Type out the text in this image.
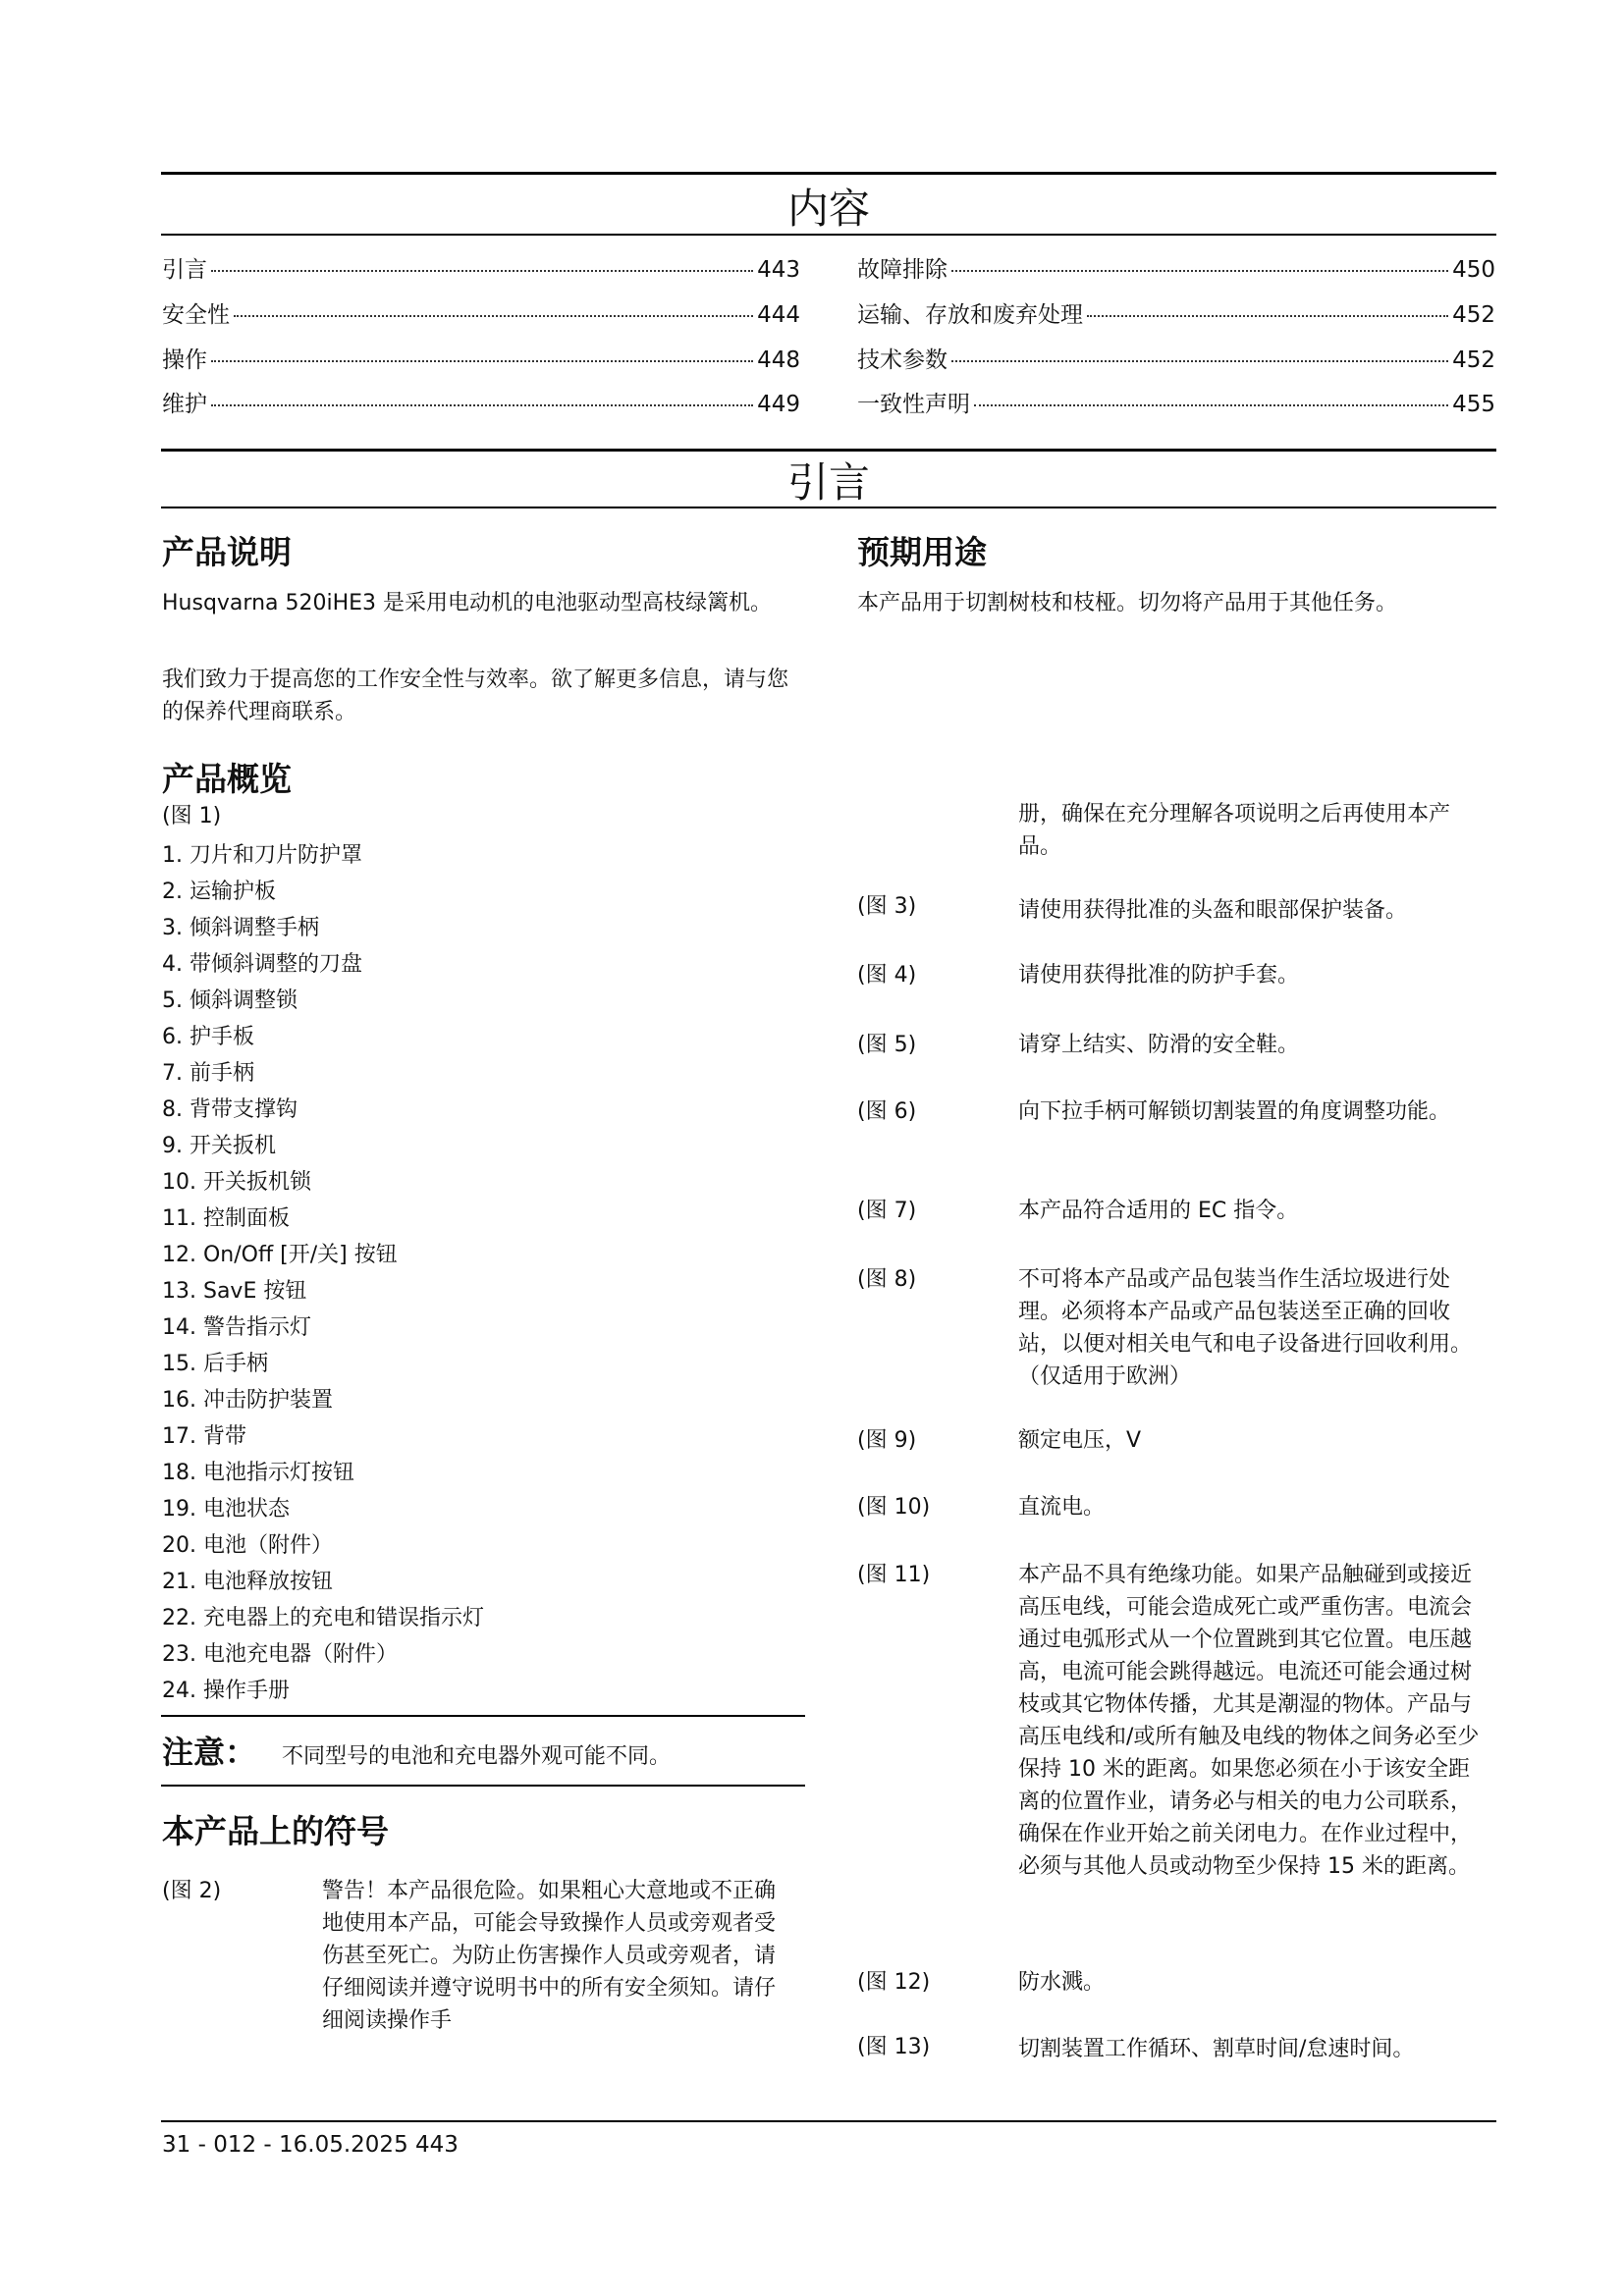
内容
引言	443
安全性	444
操作	448
维护	449
故障排除	450
运输、存放和废弃处理	452
技术参数	452
一致性声明	455
引言
产品说明
Husqvarna 520iHE3 是采用电动机的电池驱动型高枝绿篱机。
我们致力于提高您的工作安全性与效率。欲了解更多信息，请与您的保养代理商联系。
产品概览
(图 1)
1. 刀片和刀片防护罩
2. 运输护板
3. 倾斜调整手柄
4. 带倾斜调整的刀盘
5. 倾斜调整锁
6. 护手板
7. 前手柄
8. 背带支撑钩
9. 开关扳机
10. 开关扳机锁
11. 控制面板
12. On/Off [开/关] 按钮
13. SavE 按钮
14. 警告指示灯
15. 后手柄
16. 冲击防护装置
17. 背带
18. 电池指示灯按钮
19. 电池状态
20. 电池（附件）
21. 电池释放按钮
22. 充电器上的充电和错误指示灯
23. 电池充电器（附件）
24. 操作手册
注意： 不同型号的电池和充电器外观可能不同。
本产品上的符号
(图 2)	警告！本产品很危险。如果粗心大意地或不正确地使用本产品，可能会导致操作人员或旁观者受伤甚至死亡。为防止伤害操作人员或旁观者，请仔细阅读并遵守说明书中的所有安全须知。请仔细阅读操作手
预期用途
本产品用于切割树枝和枝桠。切勿将产品用于其他任务。
册，确保在充分理解各项说明之后再使用本产品。
(图 3)	请使用获得批准的头盔和眼部保护装备。
(图 4)	请使用获得批准的防护手套。
(图 5)	请穿上结实、防滑的安全鞋。
(图 6)	向下拉手柄可解锁切割装置的角度调整功能。
(图 7)	本产品符合适用的 EC 指令。
(图 8)	不可将本产品或产品包装当作生活垃圾进行处理。必须将本产品或产品包装送至正确的回收站，以便对相关电气和电子设备进行回收利用。（仅适用于欧洲）
(图 9)	额定电压，V
(图 10)	直流电。
(图 11)	本产品不具有绝缘功能。如果产品触碰到或接近高压电线，可能会造成死亡或严重伤害。电流会通过电弧形式从一个位置跳到其它位置。电压越高，电流可能会跳得越远。电流还可能会通过树枝或其它物体传播，尤其是潮湿的物体。产品与高压电线和/或所有触及电线的物体之间务必至少保持 10 米的距离。如果您必须在小于该安全距离的位置作业，请务必与相关的电力公司联系，确保在作业开始之前关闭电力。在作业过程中，必须与其他人员或动物至少保持 15 米的距离。
(图 12)	防水溅。
(图 13)	切割装置工作循环、割草时间/怠速时间。
31 - 012 - 16.05.2025 443
